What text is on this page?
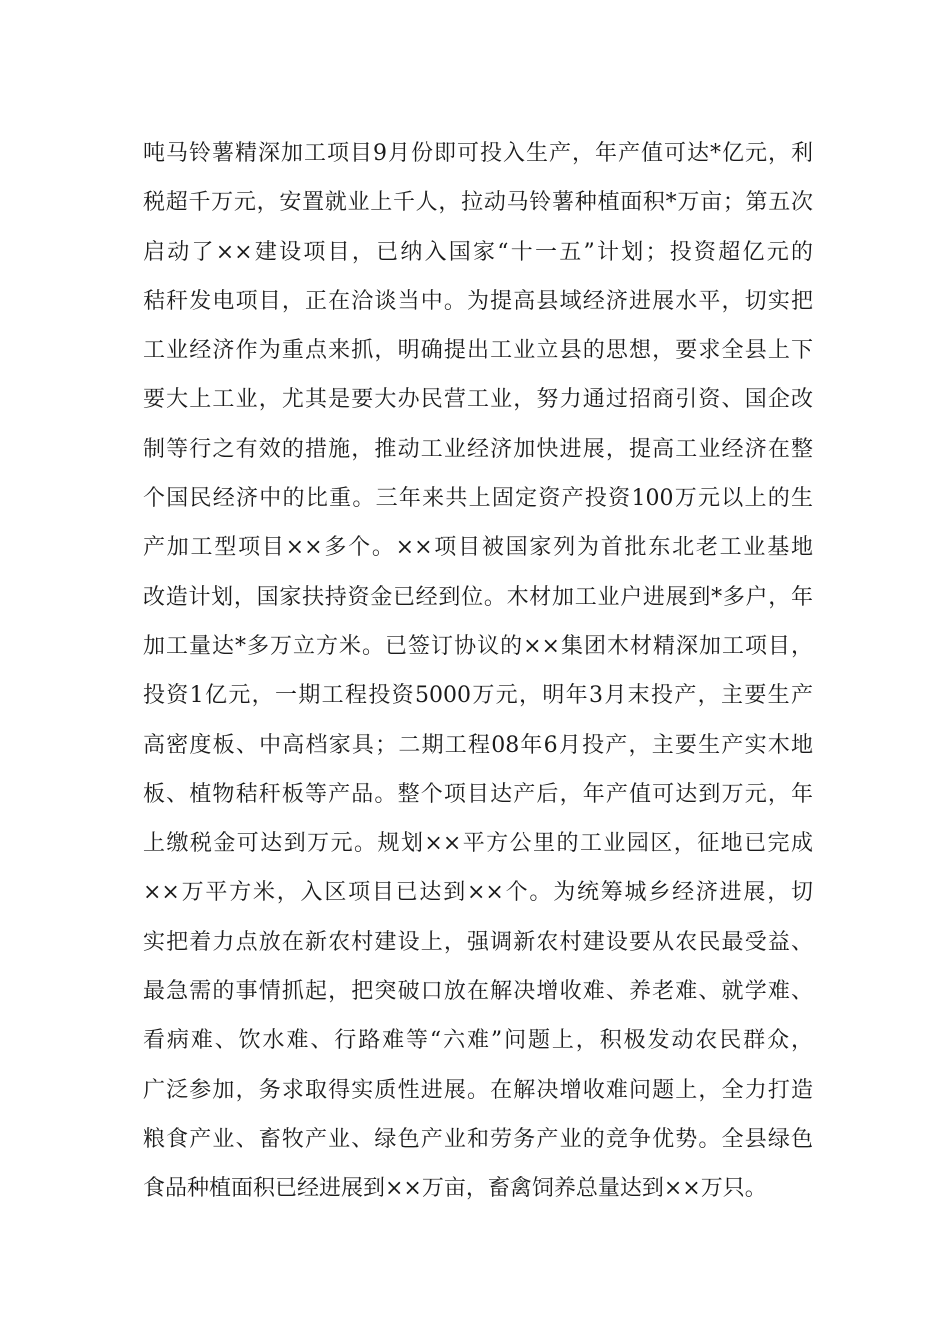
吨马铃薯精深加工项目9月份即可投入生产，年产值可达*亿元，利
税超千万元，安置就业上千人，拉动马铃薯种植面积*万亩；第五次
启动了××建设项目，已纳入国家“十一五”计划；投资超亿元的
秸秆发电项目，正在洽谈当中。为提高县域经济进展水平，切实把
工业经济作为重点来抓，明确提出工业立县的思想，要求全县上下
要大上工业，尤其是要大办民营工业，努力通过招商引资、国企改
制等行之有效的措施，推动工业经济加快进展，提高工业经济在整
个国民经济中的比重。三年来共上固定资产投资100万元以上的生
产加工型项目××多个。××项目被国家列为首批东北老工业基地
改造计划，国家扶持资金已经到位。木材加工业户进展到*多户，年
加工量达*多万立方米。已签订协议的××集团木材精深加工项目，
投资1亿元，一期工程投资5000万元，明年3月末投产，主要生产
高密度板、中高档家具；二期工程08年6月投产，主要生产实木地
板、植物秸秆板等产品。整个项目达产后，年产值可达到万元，年
上缴税金可达到万元。规划××平方公里的工业园区，征地已完成
××万平方米，入区项目已达到××个。为统筹城乡经济进展，切
实把着力点放在新农村建设上，强调新农村建设要从农民最受益、
最急需的事情抓起，把突破口放在解决增收难、养老难、就学难、
看病难、饮水难、行路难等“六难”问题上，积极发动农民群众，
广泛参加，务求取得实质性进展。在解决增收难问题上，全力打造
粮食产业、畜牧产业、绿色产业和劳务产业的竞争优势。全县绿色
食品种植面积已经进展到××万亩，畜禽饲养总量达到××万只。
